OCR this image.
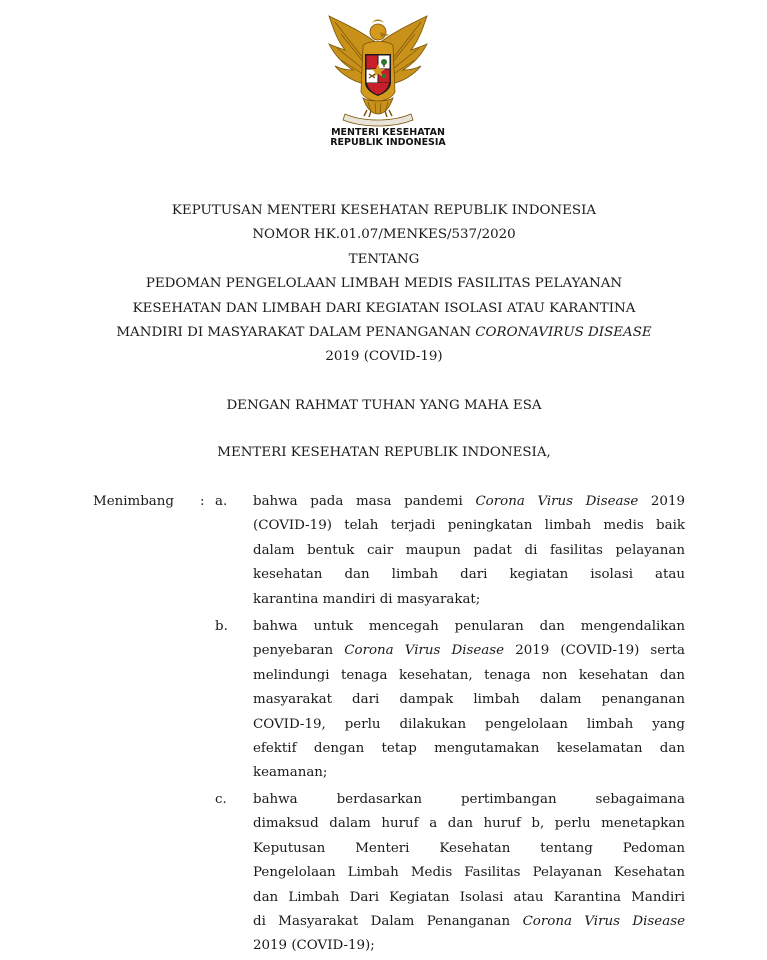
MENTERI KESEHATAN
REPUBLIK INDONESIA
KEPUTUSAN MENTERI KESEHATAN REPUBLIK INDONESIA
NOMOR HK.01.07/MENKES/537/2020
TENTANG
PEDOMAN PENGELOLAAN LIMBAH MEDIS FASILITAS PELAYANAN
KESEHATAN DAN LIMBAH DARI KEGIATAN ISOLASI ATAU KARANTINA
MANDIRI DI MASYARAKAT DALAM PENANGANAN CORONAVIRUS DISEASE
2019 (COVID-19)
DENGAN RAHMAT TUHAN YANG MAHA ESA
MENTERI KESEHATAN REPUBLIK INDONESIA,
Menimbang : a.	bahwa pada masa pandemi Corona Virus Disease 2019
(COVID-19) telah terjadi peningkatan limbah medis baik
dalam bentuk cair maupun padat di fasilitas pelayanan
kesehatan dan limbah dari kegiatan isolasi atau
karantina mandiri di masyarakat;
b.	bahwa untuk mencegah penularan dan mengendalikan
penyebaran Corona Virus Disease 2019 (COVID-19) serta
melindungi tenaga kesehatan, tenaga non kesehatan dan
masyarakat dari dampak limbah dalam penanganan
COVID-19, perlu dilakukan pengelolaan limbah yang
efektif dengan tetap mengutamakan keselamatan dan
keamanan;
c.	bahwa berdasarkan pertimbangan sebagaimana
dimaksud dalam huruf a dan huruf b, perlu menetapkan
Keputusan Menteri Kesehatan tentang Pedoman
Pengelolaan Limbah Medis Fasilitas Pelayanan Kesehatan
dan Limbah Dari Kegiatan Isolasi atau Karantina Mandiri
di Masyarakat Dalam Penanganan Corona Virus Disease
2019 (COVID-19);
